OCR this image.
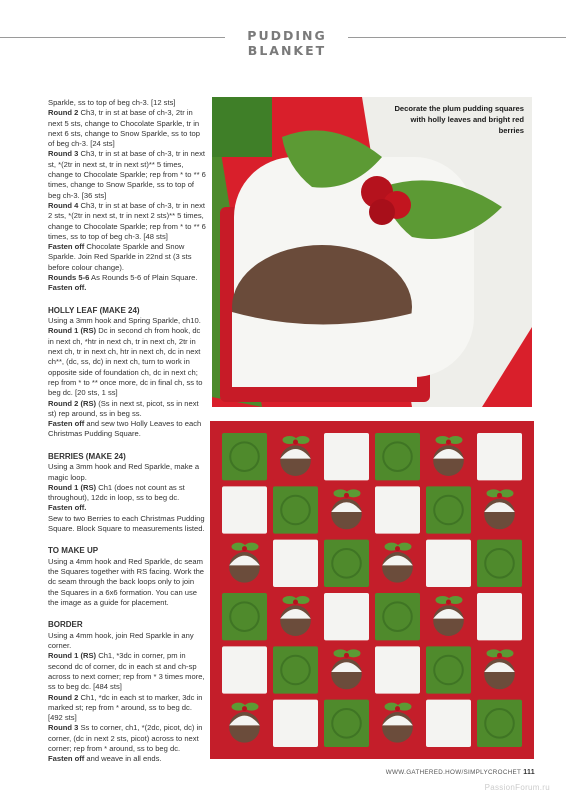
PUDDING BLANKET

Sparkle, ss to top of beg ch-3. [12 sts]

Round 2 Ch3, tr in st at base of ch-3, 2tr in next 5 sts, change to Chocolate Sparkle, tr in next 6 sts, change to Snow Sparkle, ss to top of beg ch-3. [24 sts]

Round 3 Ch3, tr in st at base of ch-3, tr in next st, *(2tr in next st, tr in next st)** 5 times, change to Chocolate Sparkle; rep from * to ** 6 times, change to Snow Sparkle, ss to top of beg ch-3. [36 sts]

Round 4 Ch3, tr in st at base of ch-3, tr in next 2 sts, *(2tr in next st, tr in next 2 sts)** 5 times, change to Chocolate Sparkle; rep from * to ** 6 times, ss to top of beg ch-3. [48 sts]

Fasten off Chocolate Sparkle and Snow Sparkle. Join Red Sparkle in 22nd st (3 sts before colour change).

Rounds 5-6 As Rounds 5-6 of Plain Square.

Fasten off.

HOLLY LEAF (MAKE 24)

Using a 3mm hook and Spring Sparkle, ch10.

Round 1 (RS) Dc in second ch from hook, dc in next ch, *htr in next ch, tr in next ch, 2tr in next ch, tr in next ch, htr in next ch, dc in next ch**, (dc, ss, dc) in next ch, turn to work in opposite side of foundation ch, dc in next ch; rep from * to ** once more, dc in final ch, ss to beg dc. [20 sts, 1 ss]

Round 2 (RS) (Ss in next st, picot, ss in next st) rep around, ss in beg ss.

Fasten off and sew two Holly Leaves to each Christmas Pudding Square.

BERRIES (MAKE 24)

Using a 3mm hook and Red Sparkle, make a magic loop.

Round 1 (RS) Ch1 (does not count as st throughout), 12dc in loop, ss to beg dc.

Fasten off.

Sew to two Berries to each Christmas Pudding Square. Block Square to measurements listed.

TO MAKE UP

Using a 4mm hook and Red Sparkle, dc seam the Squares together with RS facing. Work the dc seam through the back loops only to join the Squares in a 6x6 formation. You can use the image as a guide for placement.

BORDER

Using a 4mm hook, join Red Sparkle in any corner.

Round 1 (RS) Ch1, *3dc in corner, pm in second dc of corner, dc in each st and ch-sp across to next corner; rep from * 3 times more, ss to beg dc. [484 sts]

Round 2 Ch1, *dc in each st to marker, 3dc in marked st; rep from * around, ss to beg dc. [492 sts]

Round 3 Ss to corner, ch1, *(2dc, picot, dc) in corner, (dc in next 2 sts, picot) across to next corner; rep from * around, ss to beg dc.

Fasten off and weave in all ends.

Decorate the plum pudding squares with holly leaves and bright red berries
WWW.GATHERED.HOW/SIMPLYCROCHET 111
PassionForum.ru
